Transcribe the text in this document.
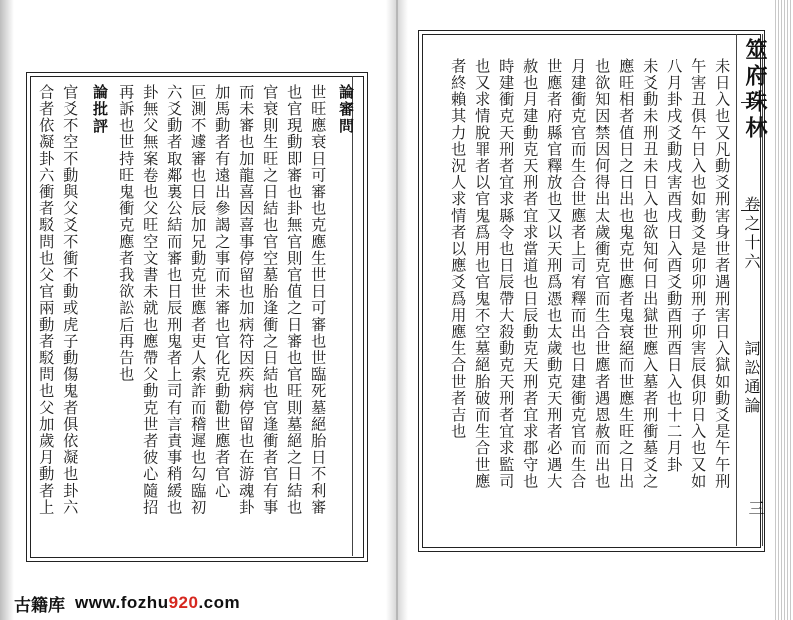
論審問
世旺應衰日可審也克應生世日可審也世臨死墓絕胎日不利審
也官現動即審也卦無官則官值之日審也官旺則墓絕之日結也
官衰則生旺之日結也官空墓胎逢衝之日結也官逢衝者官有事
而未審也加龍喜因喜事停留也加病符因疾病停留也在游魂卦
加馬動者有遠出參謁之事而未審也官化克動勸世應者官心
叵測不遽審也日辰加兄動克世應者吏人索詐而稽遲也勾臨初
六爻動者取鄰裏公結而審也日辰刑鬼者上司有言責事稍緩也
卦無父無案卷也父旺空文書未就也應帶父動克世者彼心隨招
再訴也世持旺鬼衝克應者我欲訟后再告也
論批評
官爻不空不動與父爻不衝不動或虎子動傷鬼者俱依凝也卦六
合者依凝卦六衝者駁問也父官兩動者駁問也父加歲月動者上	筮府珠林
卷之十六
詞訟通論
三
未日入也又凡動爻刑害身世者遇刑害日入獄如動爻是午午刑
午害丑俱午日入也如動爻是卯卯刑子卯害辰俱卯日入也又如
八月卦戌爻動戌害酉戌日入酉爻動酉刑酉日入也十二月卦
未爻動未刑丑未日入也欲知何日出獄世應入墓者刑衝墓爻之
應旺相者值日之日出也鬼克世應者鬼衰絕而世應生旺之日出
也欲知因禁因何得出太歲衝克官而生合世應者遇恩赦而出也
月建衝克官而生合世應者上司宥釋而出也日建衝克官而生合
世應者府縣官釋放也又以天刑爲憑也太歲動克天刑者必遇大
赦也月建動克天刑者宜求當道也日辰動克天刑者宜求郡守也
時建衝克天刑者宜求縣令也日辰帶大殺動克天刑者宜求監司
也又求情脫罪者以官鬼爲用也官鬼不空墓絕胎破而生合世應
者終賴其力也況人求情者以應爻爲用應生合世者吉也
古籍库 www.fozhu920.com
